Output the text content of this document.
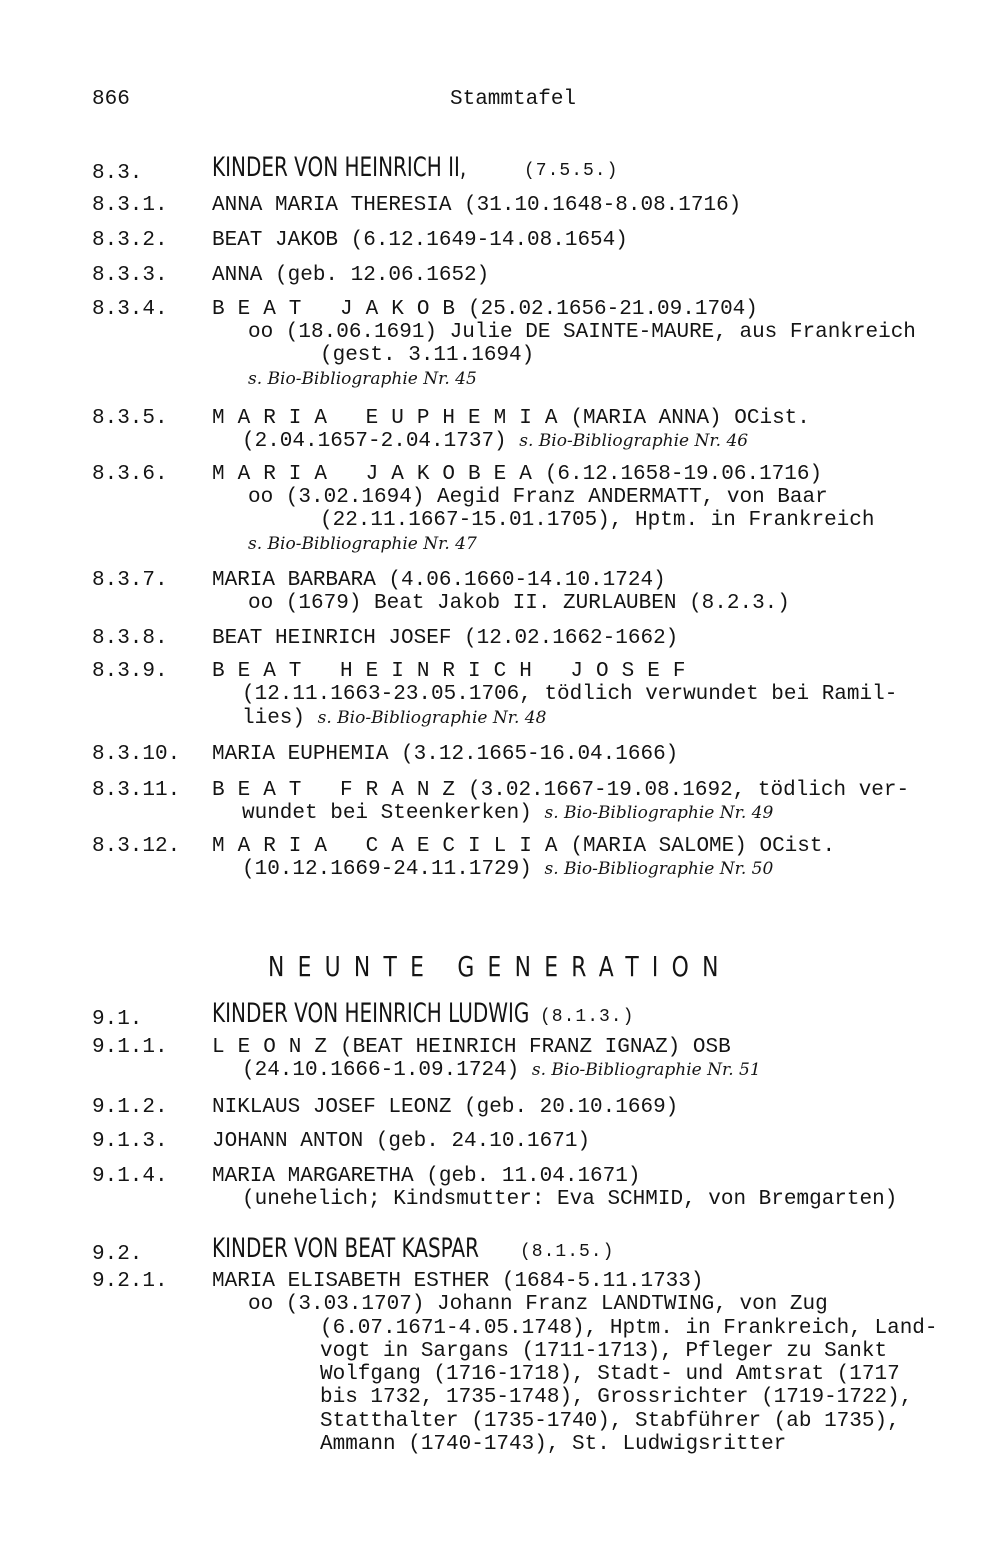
866	Stammtafel
8.3.	KINDER VON HEINRICH II,	(7.5.5.)
8.3.1. ANNA MARIA THERESIA (31.10.1648-8.08.1716)
8.3.2. BEAT JAKOB (6.12.1649-14.08.1654)
8.3.3. ANNA (geb. 12.06.1652)
8.3.4. BEAT JAKOB(25.02.1656-21.09.1704)
oo (18.06.1691) Julie DE SAINTE-MAURE, aus Frankreich
(gest. 3.11.1694)
s. Bio-Bibliographie Nr. 45
8.3.5. MARIA EUPHEMIA(MARIA ANNA) OCist.
(2.04.1657-2.04.1737) s. Bio-Bibliographie Nr. 46
8.3.6. MARIA JAKOBEA(6.12.1658-19.06.1716)
oo (3.02.1694) Aegid Franz ANDERMATT, von Baar
(22.11.1667-15.01.1705), Hptm. in Frankreich
s. Bio-Bibliographie Nr. 47
8.3.7. MARIA BARBARA (4.06.1660-14.10.1724)
oo (1679) Beat Jakob II. ZURLAUBEN (8.2.3.)
8.3.8. BEAT HEINRICH JOSEF (12.02.1662-1662)
8.3.9. BEAT HEINRICH JOSEF
(12.11.1663-23.05.1706, tödlich verwundet bei Ramil-
lies) s. Bio-Bibliographie Nr. 48
8.3.10. MARIA EUPHEMIA (3.12.1665-16.04.1666)
8.3.11. BEAT FRANZ(3.02.1667-19.08.1692, tödlich ver-
wundet bei Steenkerken) s. Bio-Bibliographie Nr. 49
8.3.12. MARIA CAECILIA(MARIA SALOME) OCist.
(10.12.1669-24.11.1729) s. Bio-Bibliographie Nr. 50
NEUNTE GENERATION
9.1.	KINDER VON HEINRICH LUDWIG (8.1.3.)
9.1.1. LEONZ(BEAT HEINRICH FRANZ IGNAZ) OSB
(24.10.1666-1.09.1724) s. Bio-Bibliographie Nr. 51
9.1.2. NIKLAUS JOSEF LEONZ (geb. 20.10.1669)
9.1.3. JOHANN ANTON (geb. 24.10.1671)
9.1.4. MARIA MARGARETHA (geb. 11.04.1671)
(unehelich; Kindsmutter: Eva SCHMID, von Bremgarten)
9.2.	KINDER VON BEAT KASPAR (8.1.5.)
9.2.1. MARIA ELISABETH ESTHER (1684-5.11.1733)
oo (3.03.1707) Johann Franz LANDTWING, von Zug
(6.07.1671-4.05.1748), Hptm. in Frankreich, Land-
vogt in Sargans (1711-1713), Pfleger zu Sankt
Wolfgang (1716-1718), Stadt- und Amtsrat (1717
bis 1732, 1735-1748), Grossrichter (1719-1722),
Statthalter (1735-1740), Stabführer (ab 1735),
Ammann (1740-1743), St. Ludwigsritter
